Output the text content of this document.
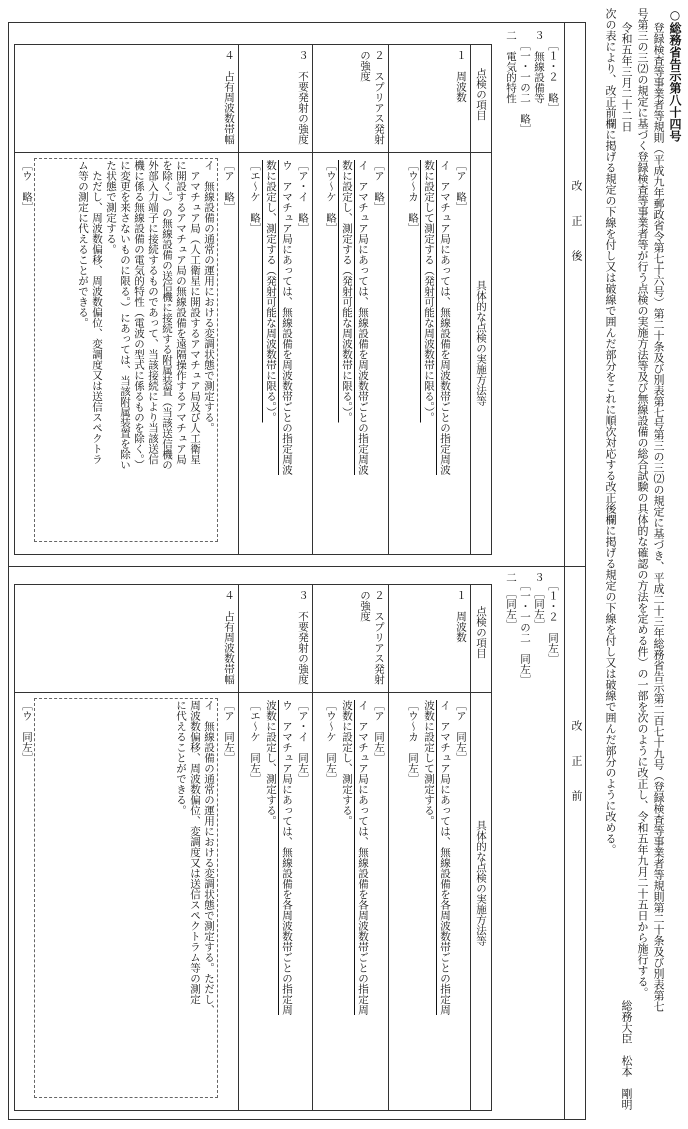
○総務省告示第八十四号
登録検査等事業者等規則（平成九年郵政省令第七十六号）第二十条及び別表第七号第三の三⑵の規定に基づき、平成二十三年総務省告示第二百七十九号（登録検査等事業者等規則第二十条及び別表第七
号第三の三⑵の規定に基づく登録検査等事業者等が行う点検の実施方法等及び無線設備の総合試験の具体的な確認の方法を定める件）の一部を次のように改正し、令和五年九月二十五日から施行する。
令和五年三月二十二日
総務大臣
松本　剛明
次の表により、改正前欄に掲げる規定の下線を付し又は破線で囲んだ部分をこれに順次対応する改正後欄に掲げる規定の下線を付し又は破線で囲んだ部分のように改める。
改正後
［１・２　略］
３　無線設備等
［一・一の二　略］
二　電気的特性
点検の項目
具体的な点検の実施方法等
１　周波数
［ア　略］
イ　アマチュア局にあっては、無線設備を周波数帯ごとの指定周波
数に設定して測定する（発射可能な周波数帯に限る。）。
［ウ〜カ　略］
２　スプリアス発射
の強度
［ア　略］
イ　アマチュア局にあっては、無線設備を周波数帯ごとの指定周波
数に設定し、測定する（発射可能な周波数帯に限る。）。
［ウ〜ケ　略］
３　不要発射の強度
［ア・イ　略］
ウ　アマチュア局にあっては、無線設備を周波数帯ごとの指定周波
数に設定し、測定する（発射可能な周波数帯に限る。）。
［エ〜ケ　略］
４　占有周波数帯幅
［ア　略］
イ　無線設備の通常の運用における変調状態で測定する。
　アマチュア局（人工衛星に開設するアマチュア局及び人工衛星
に開設するアマチュア局の無線設備を遠隔操作するアマチュア局
を除く。）の無線設備の送信機に接続する附属装置（当該送信機の
外部入力端子に接続するものであって、当該接続により当該送信
機に係る無線設備の電気的特性（電波の型式に係るものを除く。）
に変更を来さないものに限る。）にあっては、当該附属装置を除い
た状態で測定する。
　ただし、周波数偏移、周波数偏位、変調度又は送信スペクトラ
ム等の測定に代えることができる。
［ウ　略］
改正前
［１・２　同左］
３　［同左］
［一・一の二　同左］
二　［同左］
点検の項目
具体的な点検の実施方法等
１　周波数
［ア　同左］
イ　アマチュア局にあっては、無線設備を各周波数帯ごとの指定周
波数に設定して測定する。
［ウ〜カ　同左］
２　スプリアス発射
の強度
［ア　同左］
イ　アマチュア局にあっては、無線設備を各周波数帯ごとの指定周
波数に設定し、測定する。
［ウ〜ケ　同左］
３　不要発射の強度
［ア・イ　同左］
ウ　アマチュア局にあっては、無線設備を各周波数帯ごとの指定周
波数に設定し、測定する。
［エ〜ケ　同左］
４　占有周波数帯幅
［ア　同左］
イ　無線設備の通常の運用における変調状態で測定する。ただし、
周波数偏移、周波数偏位、変調度又は送信スペクトラム等の測定
に代えることができる。
［ウ　同左］
